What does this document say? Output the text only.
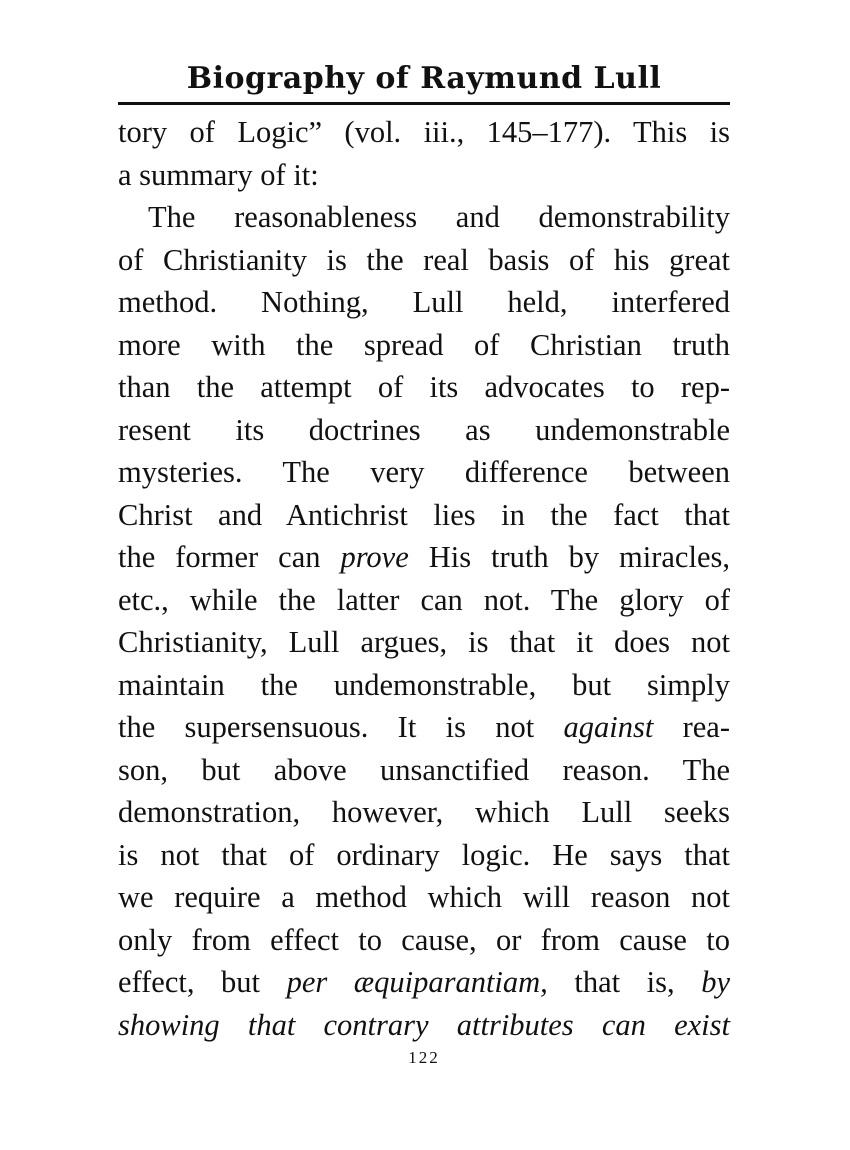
Biography of Raymund Lull
tory of Logic” (vol. iii., 145–177). This is
a summary of it:
The reasonableness and demonstrability
of Christianity is the real basis of his great
method. Nothing, Lull held, interfered
more with the spread of Christian truth
than the attempt of its advocates to rep-
resent its doctrines as undemonstrable
mysteries. The very difference between
Christ and Antichrist lies in the fact that
the former can prove His truth by miracles,
etc., while the latter can not. The glory of
Christianity, Lull argues, is that it does not
maintain the undemonstrable, but simply
the supersensuous. It is not against rea-
son, but above unsanctified reason. The
demonstration, however, which Lull seeks
is not that of ordinary logic. He says that
we require a method which will reason not
only from effect to cause, or from cause to
effect, but per æquiparantiam, that is, by
showing that contrary attributes can exist
122
